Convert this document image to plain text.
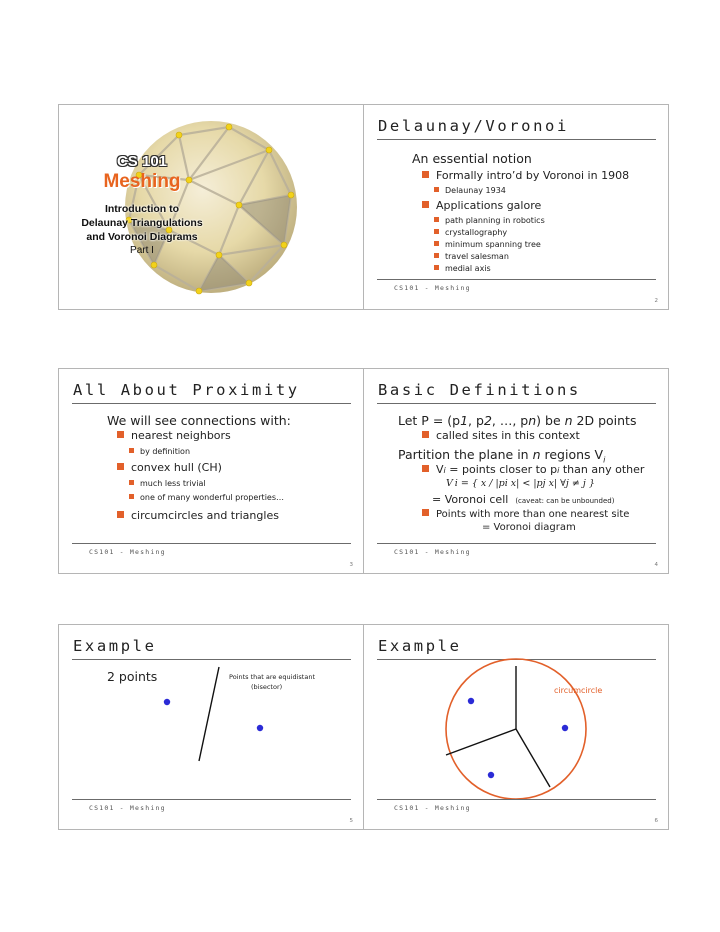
CS 101
Meshing
Introduction to
Delaunay Triangulations
and Voronoi Diagrams
Part I
Delaunay/Voronoi
An essential notion
Formally intro’d by Voronoi in 1908
Delaunay 1934
Applications galore
path planning in robotics
crystallography
minimum spanning tree
travel salesman
medial axis
CS101 - Meshing
2
All About Proximity
We will see connections with:
nearest neighbors
by definition
convex hull (CH)
much less trivial
one of many wonderful properties…
circumcircles and triangles
CS101 - Meshing
3
Basic Definitions
Let P = (p1, p2, …, pn) be n 2D points
called sites in this context
Partition the plane in n regions $V_i$
Vi = points closer to pi than any other
V i = { x / |pi x| < |pj x| ∀j ≠ j }
= Voronoi cell (caveat: can be unbounded)
Points with more than one nearest site
= Voronoi diagram
CS101 - Meshing
4
Example
2 points	Points that are equidistant
(bisector)
CS101 - Meshing
5
Example
circumcircle
CS101 - Meshing
6
